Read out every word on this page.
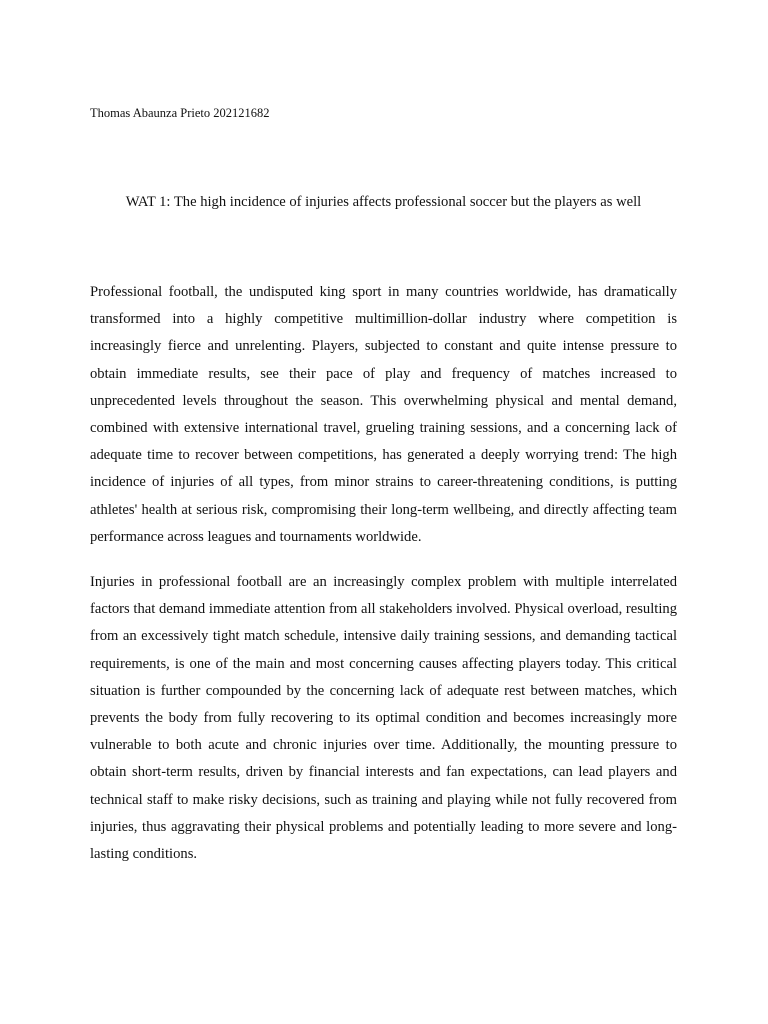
Thomas Abaunza Prieto 202121682
WAT 1: The high incidence of injuries affects professional soccer but the players as well

Professional football, the undisputed king sport in many countries worldwide, has dramatically transformed into a highly competitive multimillion-dollar industry where competition is increasingly fierce and unrelenting. Players, subjected to constant and quite intense pressure to obtain immediate results, see their pace of play and frequency of matches increased to unprecedented levels throughout the season. This overwhelming physical and mental demand, combined with extensive international travel, grueling training sessions, and a concerning lack of adequate time to recover between competitions, has generated a deeply worrying trend: The high incidence of injuries of all types, from minor strains to career-threatening conditions, is putting athletes' health at serious risk, compromising their long-term wellbeing, and directly affecting team performance across leagues and tournaments worldwide.

Injuries in professional football are an increasingly complex problem with multiple interrelated factors that demand immediate attention from all stakeholders involved. Physical overload, resulting from an excessively tight match schedule, intensive daily training sessions, and demanding tactical requirements, is one of the main and most concerning causes affecting players today. This critical situation is further compounded by the concerning lack of adequate rest between matches, which prevents the body from fully recovering to its optimal condition and becomes increasingly more vulnerable to both acute and chronic injuries over time. Additionally, the mounting pressure to obtain short-term results, driven by financial interests and fan expectations, can lead players and technical staff to make risky decisions, such as training and playing while not fully recovered from injuries, thus aggravating their physical problems and potentially leading to more severe and long-lasting conditions.
